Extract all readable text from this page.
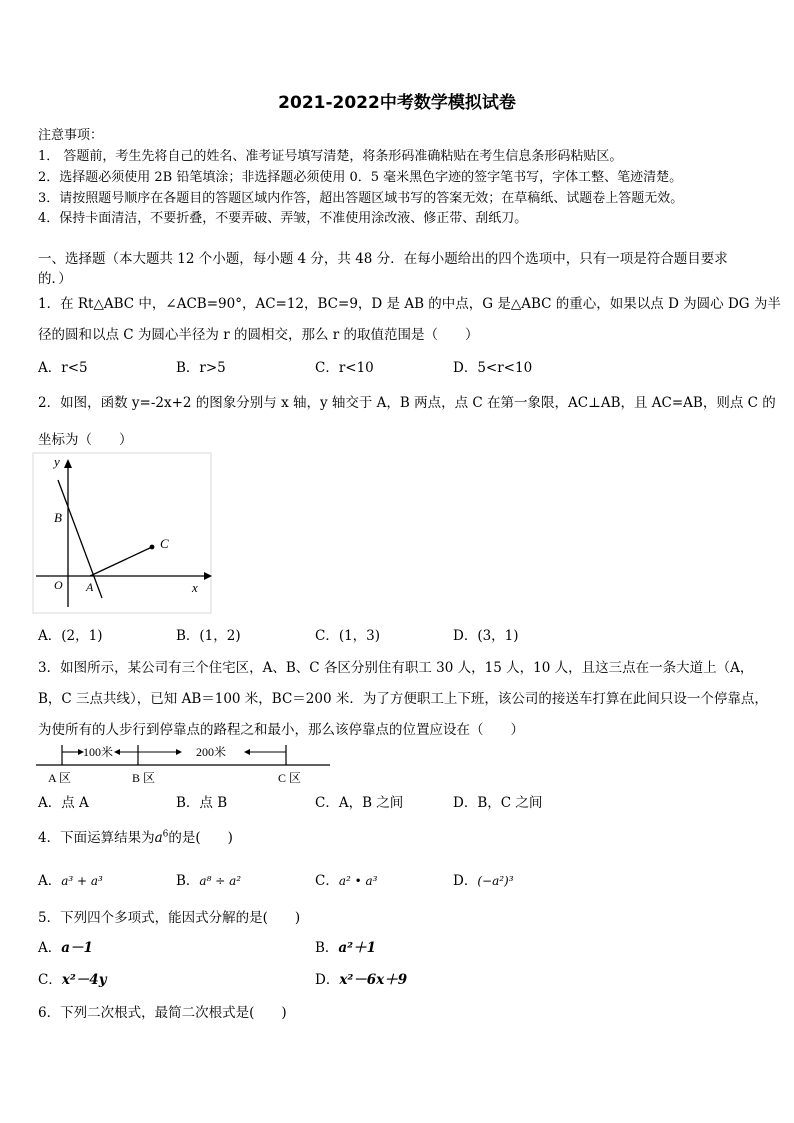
2021-2022中考数学模拟试卷
注意事项：
1． 答题前，考生先将自己的姓名、准考证号填写清楚，将条形码准确粘贴在考生信息条形码粘贴区。
2．选择题必须使用 2B 铅笔填涂；非选择题必须使用 0．5 毫米黑色字迹的签字笔书写，字体工整、笔迹清楚。
3．请按照题号顺序在各题目的答题区域内作答，超出答题区域书写的答案无效；在草稿纸、试题卷上答题无效。
4．保持卡面清洁，不要折叠，不要弄破、弄皱，不准使用涂改液、修正带、刮纸刀。
一、选择题（本大题共 12 个小题，每小题 4 分，共 48 分．在每小题给出的四个选项中，只有一项是符合题目要求
的．）
1．在 Rt△ABC 中，∠ACB=90°，AC=12，BC=9，D 是 AB 的中点，G 是△ABC 的重心，如果以点 D 为圆心 DG 为半
径的圆和以点 C 为圆心半径为 r 的圆相交，那么 r 的取值范围是（　　）
A．r<5	B．r>5	C．r<10	D．5<r<10
2．如图，函数 y=-2x+2 的图象分别与 x 轴，y 轴交于 A，B 两点，点 C 在第一象限，AC⊥AB，且 AC=AB，则点 C 的
坐标为（　　）
y
x
O A
B
C
A．(2，1)	B．(1，2)	C．(1，3)	D．(3，1)
3．如图所示，某公司有三个住宅区，A、B、C 各区分别住有职工 30 人，15 人，10 人，且这三点在一条大道上（A，
B，C 三点共线），已知 AB＝100 米，BC＝200 米．为了方便职工上下班，该公司的接送车打算在此间只设一个停靠点，
为使所有的人步行到停靠点的路程之和最小，那么该停靠点的位置应设在（　　）
100米	200米
A 区	B 区	C 区
A．点 A	B．点 B	C．A，B 之间	D．B，C 之间
4．下面运算结果为$a^6$的是(　　)
A．a³ + a³	B．a⁸ ÷ a²	C．a² • a³	D．(−a²)³
5．下列四个多项式，能因式分解的是(　　)
A．a－1	B．a²＋1
C．x²－4y	D．x²－6x＋9
6．下列二次根式，最简二次根式是(　　)
